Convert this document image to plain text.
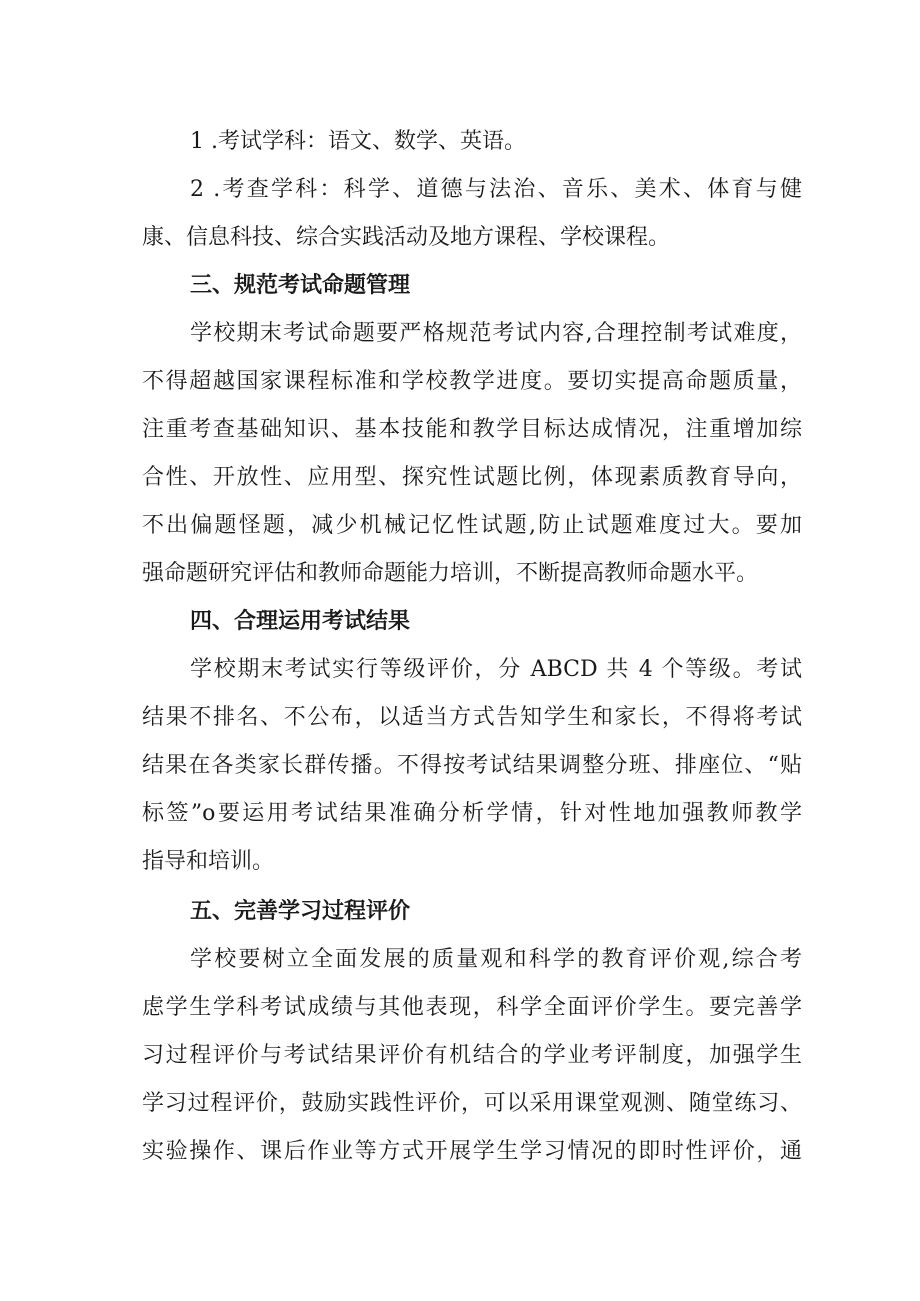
1 .考试学科：语文、数学、英语。
2 .考查学科：科学、道德与法治、音乐、美术、体育与健
康、信息科技、综合实践活动及地方课程、学校课程。
三、规范考试命题管理
学校期末考试命题要严格规范考试内容,合理控制考试难度，
不得超越国家课程标准和学校教学进度。要切实提高命题质量，
注重考查基础知识、基本技能和教学目标达成情况，注重增加综
合性、开放性、应用型、探究性试题比例，体现素质教育导向，
不出偏题怪题，减少机械记忆性试题,防止试题难度过大。要加
强命题研究评估和教师命题能力培训，不断提高教师命题水平。
四、合理运用考试结果
学校期末考试实行等级评价，分 ABCD 共 4 个等级。考试
结果不排名、不公布，以适当方式告知学生和家长，不得将考试
结果在各类家长群传播。不得按考试结果调整分班、排座位、“贴
标签”o要运用考试结果准确分析学情，针对性地加强教师教学
指导和培训。
五、完善学习过程评价
学校要树立全面发展的质量观和科学的教育评价观,综合考
虑学生学科考试成绩与其他表现，科学全面评价学生。要完善学
习过程评价与考试结果评价有机结合的学业考评制度，加强学生
学习过程评价，鼓励实践性评价，可以采用课堂观测、随堂练习、
实验操作、课后作业等方式开展学生学习情况的即时性评价，通
